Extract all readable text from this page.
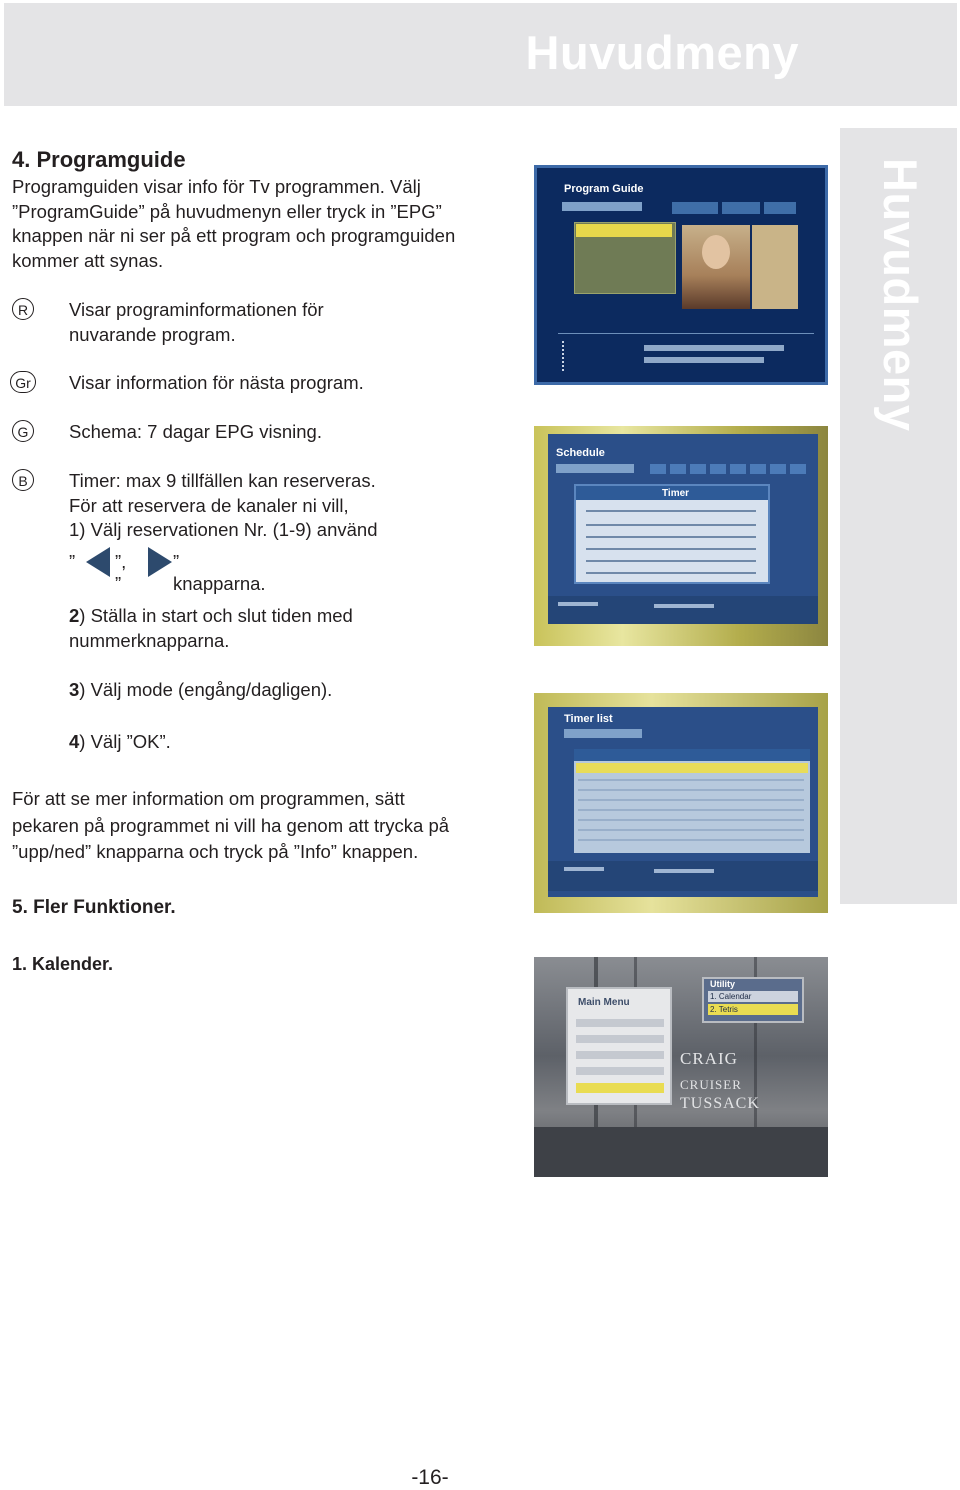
Huvudmeny
Huvudmeny
4. Programguide
Programguiden visar info för Tv programmen. Välj
”ProgramGuide” på huvudmenyn eller tryck in ”EPG”
knappen när ni ser på ett program och programguiden
kommer att synas.
R	Visar programinformationen för
nuvarande program.
Gr Visar information för nästa program.
G	Schema: 7 dagar EPG visning.
B	Timer: max 9 tillfällen kan reserveras.
För att reservera de kanaler ni vill,
1) Välj reservationen Nr. (1-9) använd
” ”, ”
” knapparna.
2) Ställa in start och slut tiden med
nummerknapparna.
3) Välj mode (engång/dagligen).
4) Välj ”OK”.
För att se mer information om programmen, sätt
pekaren på programmet ni vill ha genom att trycka på
”upp/ned” knapparna och tryck på ”Info” knappen.
5. Fler Funktioner.
1. Kalender.
Program Guide
Schedule
Timer
Timer list
Main Menu
Utility
1. Calendar
2. Tetris
CRAIG
CRUISER
TUSSACK
-16-
